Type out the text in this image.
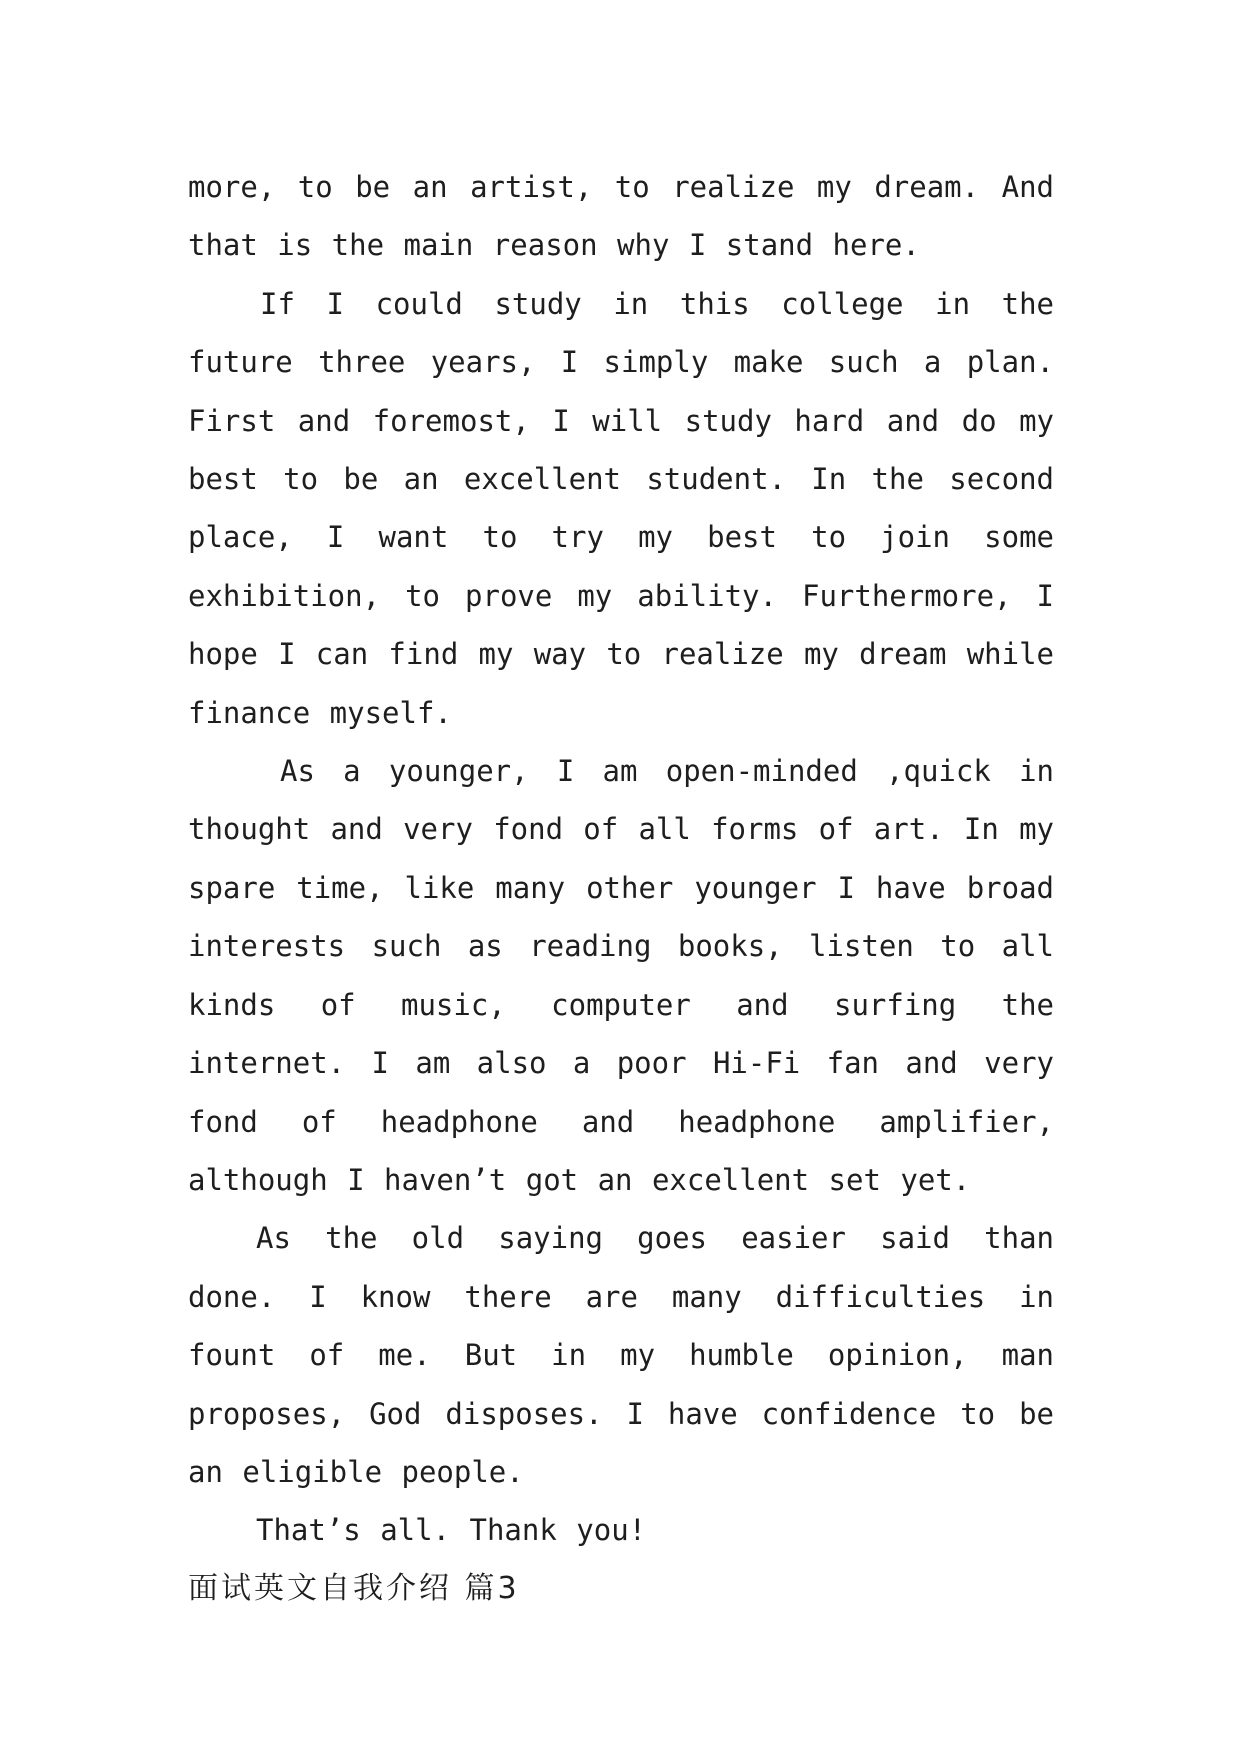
more, to be an artist, to realize my dream. And that is the main reason why I stand here.

If I could study in this college in the future three years, I simply make such a plan. First and foremost, I will study hard and do my best to be an excellent student. In the second place, I want to try my best to join some exhibition, to prove my ability. Furthermore, I hope I can find my way to realize my dream while finance myself.

As a younger, I am open-minded ,quick in thought and very fond of all forms of art. In my spare time, like many other younger I have broad interests such as reading books, listen to all kinds of music, computer and surfing the internet. I am also a poor Hi-Fi fan and very fond of headphone and headphone amplifier, although I haven’t got an excellent set yet.

As the old saying goes easier said than done. I know there are many difficulties in fount of me. But in my humble opinion, man proposes, God disposes. I have confidence to be an eligible people.

That’s all. Thank you!

面试英文自我介绍 篇3
